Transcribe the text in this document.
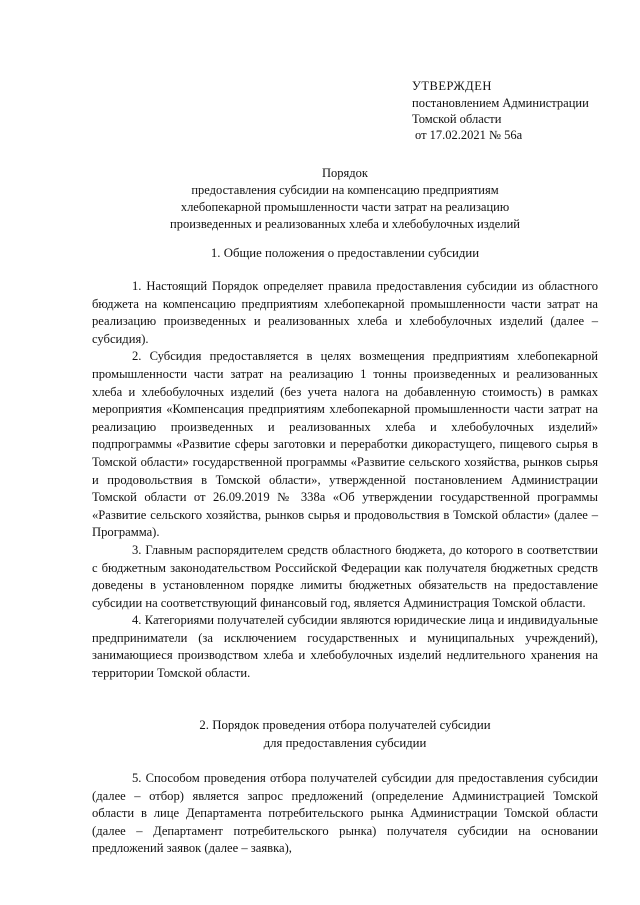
УТВЕРЖДЕН
постановлением Администрации
Томской области
от 17.02.2021 № 56а
Порядок
предоставления субсидии на компенсацию предприятиям
хлебопекарной промышленности части затрат на реализацию
произведенных и реализованных хлеба и хлебобулочных изделий
1. Общие положения о предоставлении субсидии

1. Настоящий Порядок определяет правила предоставления субсидии из областного бюджета на компенсацию предприятиям хлебопекарной промышленности части затрат на реализацию произведенных и реализованных хлеба и хлебобулочных изделий (далее – субсидия).

2. Субсидия предоставляется в целях возмещения предприятиям хлебопекарной промышленности части затрат на реализацию 1 тонны произведенных и реализованных хлеба и хлебобулочных изделий (без учета налога на добавленную стоимость) в рамках мероприятия «Компенсация предприятиям хлебопекарной промышленности части затрат на реализацию произведенных и реализованных хлеба и хлебобулочных изделий» подпрограммы «Развитие сферы заготовки и переработки дикорастущего, пищевого сырья в Томской области» государственной программы «Развитие сельского хозяйства, рынков сырья и продовольствия в Томской области», утвержденной постановлением Администрации Томской области от 26.09.2019 № 338а «Об утверждении государственной программы «Развитие сельского хозяйства, рынков сырья и продовольствия в Томской области» (далее – Программа).

3. Главным распорядителем средств областного бюджета, до которого в соответствии с бюджетным законодательством Российской Федерации как получателя бюджетных средств доведены в установленном порядке лимиты бюджетных обязательств на предоставление субсидии на соответствующий финансовый год, является Администрация Томской области.

4. Категориями получателей субсидии являются юридические лица и индивидуальные предприниматели (за исключением государственных и муниципальных учреждений), занимающиеся производством хлеба и хлебобулочных изделий недлительного хранения на территории Томской области.

2. Порядок проведения отбора получателей субсидии
для предоставления субсидии

5. Способом проведения отбора получателей субсидии для предоставления субсидии (далее – отбор) является запрос предложений (определение Администрацией Томской области в лице Департамента потребительского рынка Администрации Томской области (далее – Департамент потребительского рынка) получателя субсидии на основании предложений заявок (далее – заявка),
